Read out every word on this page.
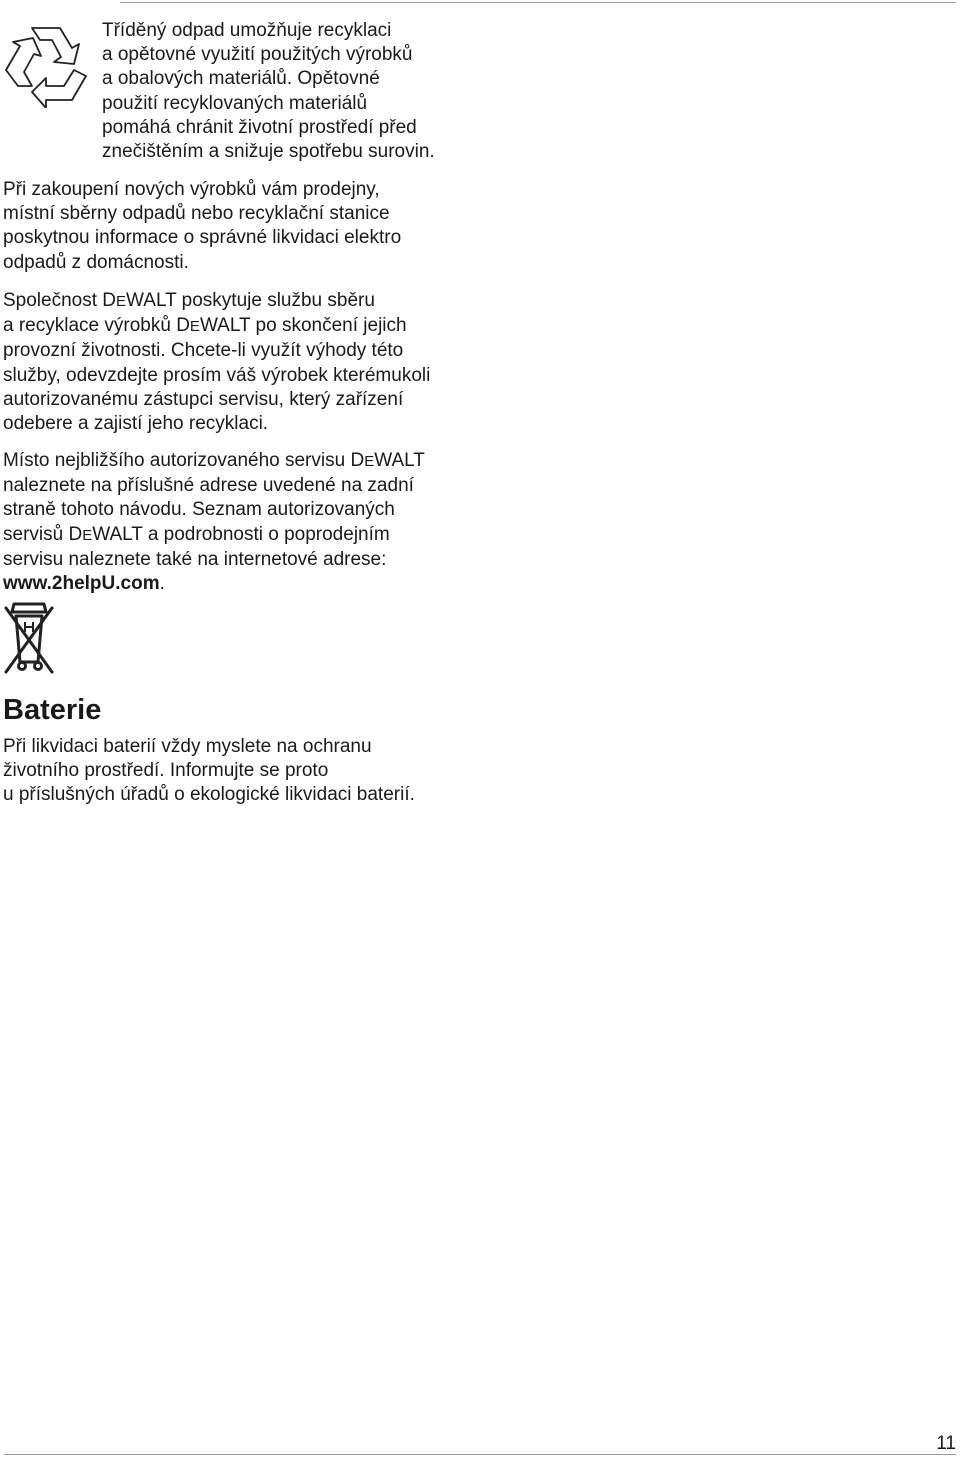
Tříděný odpad umožňuje recyklaci
a opětovné využití použitých výrobků
a obalových materiálů. Opětovné
použití recyklovaných materiálů
pomáhá chránit životní prostředí před
znečištěním a snižuje spotřebu surovin.
Při zakoupení nových výrobků vám prodejny,
místní sběrny odpadů nebo recyklační stanice
poskytnou informace o správné likvidaci elektro
odpadů z domácnosti.
Společnost DEWALT poskytuje službu sběru
a recyklace výrobků DEWALT po skončení jejich
provozní životnosti. Chcete-li využít výhody této
služby, odevzdejte prosím váš výrobek kterémukoli
autorizovanému zástupci servisu, který zařízení
odebere a zajistí jeho recyklaci.
Místo nejbližšího autorizovaného servisu DEWALT
naleznete na příslušné adrese uvedené na zadní
straně tohoto návodu. Seznam autorizovaných
servisů DEWALT a podrobnosti o poprodejním
servisu naleznete také na internetové adrese:
www.2helpU.com.
Baterie
Při likvidaci baterií vždy myslete na ochranu
životního prostředí. Informujte se proto
u příslušných úřadů o ekologické likvidaci baterií.
11
